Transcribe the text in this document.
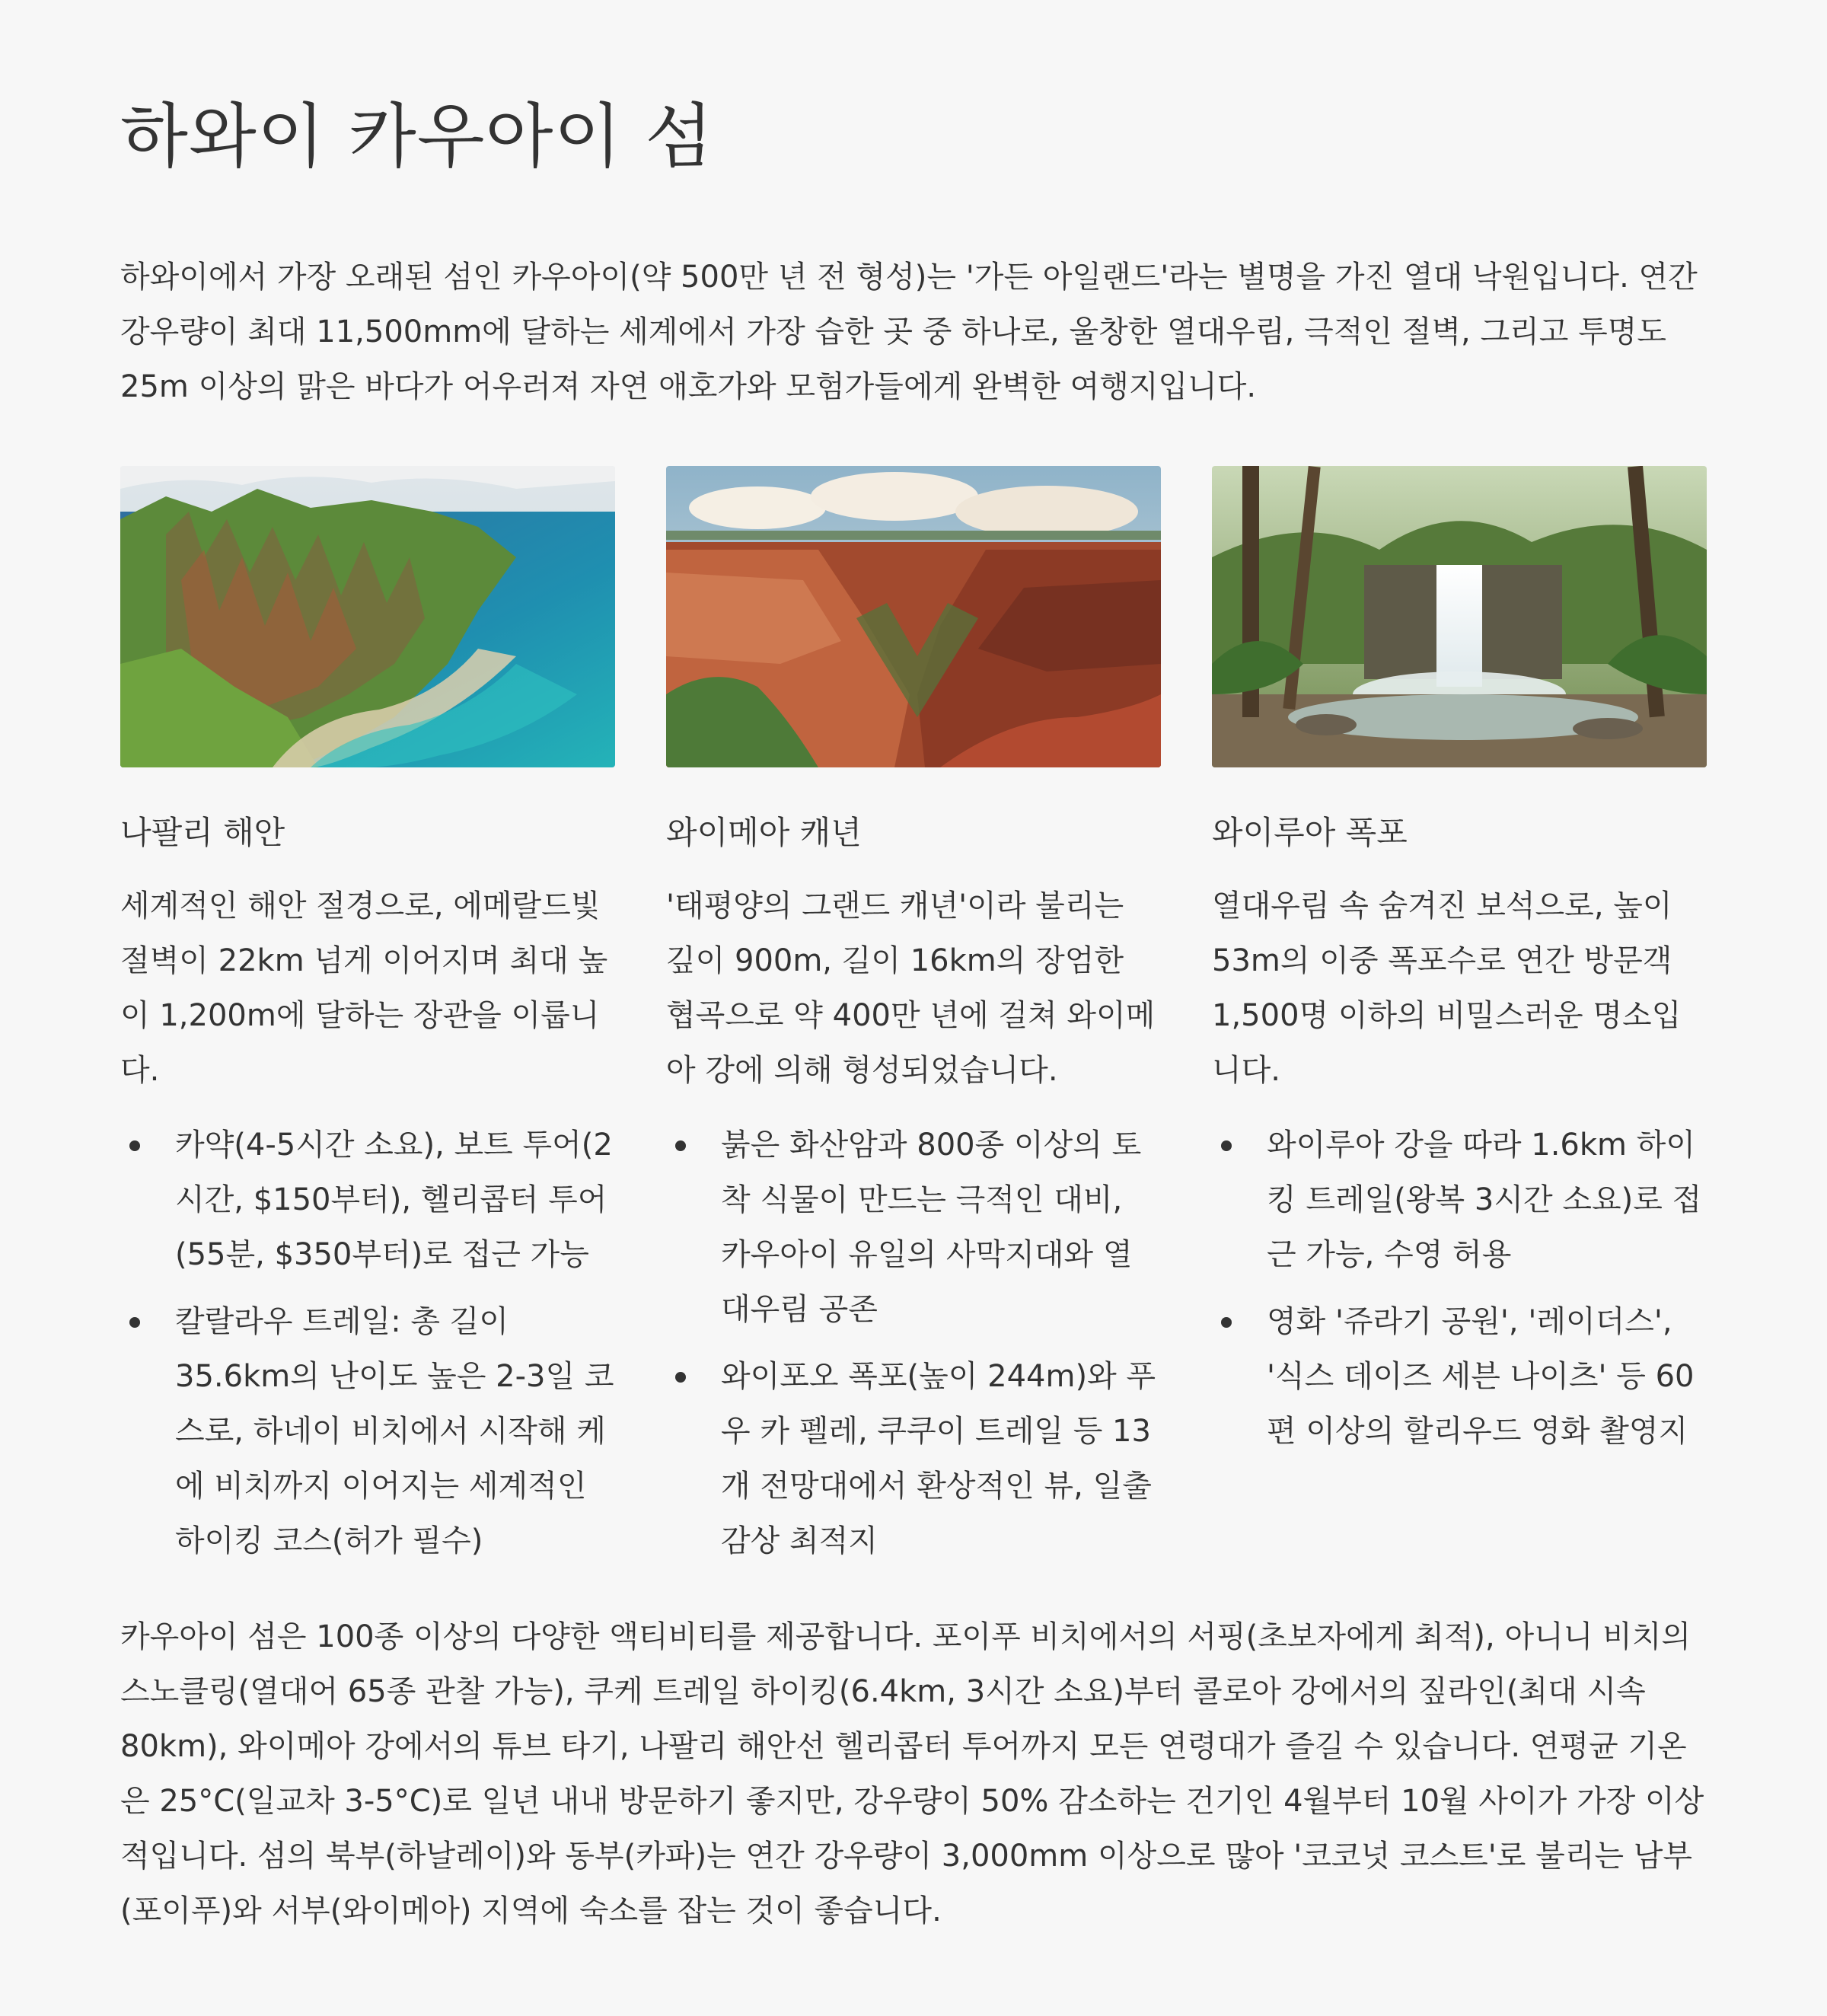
하와이 카우아이 섬

하와이에서 가장 오래된 섬인 카우아이(약 500만 년 전 형성)는 '가든 아일랜드'라는 별명을 가진 열대 낙원입니다. 연간 강우량이 최대 11,500mm에 달하는 세계에서 가장 습한 곳 중 하나로, 울창한 열대우림, 극적인 절벽, 그리고 투명도 25m 이상의 맑은 바다가 어우러져 자연 애호가와 모험가들에게 완벽한 여행지입니다.

나팔리 해안

세계적인 해안 절경으로, 에메랄드빛 절벽이 22km 넘게 이어지며 최대 높이 1,200m에 달하는 장관을 이룹니다.

카약(4-5시간 소요), 보트 투어(2시간, $150부터), 헬리콥터 투어(55분, $350부터)로 접근 가능
칼랄라우 트레일: 총 길이 35.6km의 난이도 높은 2-3일 코스로, 하네이 비치에서 시작해 케에 비치까지 이어지는 세계적인 하이킹 코스(허가 필수)
와이메아 캐년

'태평양의 그랜드 캐년'이라 불리는 깊이 900m, 길이 16km의 장엄한 협곡으로 약 400만 년에 걸쳐 와이메아 강에 의해 형성되었습니다.

붉은 화산암과 800종 이상의 토착 식물이 만드는 극적인 대비, 카우아이 유일의 사막지대와 열대우림 공존
와이포오 폭포(높이 244m)와 푸우 카 펠레, 쿠쿠이 트레일 등 13개 전망대에서 환상적인 뷰, 일출 감상 최적지
와이루아 폭포

열대우림 속 숨겨진 보석으로, 높이 53m의 이중 폭포수로 연간 방문객 1,500명 이하의 비밀스러운 명소입니다.

와이루아 강을 따라 1.6km 하이킹 트레일(왕복 3시간 소요)로 접근 가능, 수영 허용
영화 '쥬라기 공원', '레이더스', '식스 데이즈 세븐 나이츠' 등 60편 이상의 할리우드 영화 촬영지

카우아이 섬은 100종 이상의 다양한 액티비티를 제공합니다. 포이푸 비치에서의 서핑(초보자에게 최적), 아니니 비치의 스노클링(열대어 65종 관찰 가능), 쿠케 트레일 하이킹(6.4km, 3시간 소요)부터 콜로아 강에서의 짚라인(최대 시속 80km), 와이메아 강에서의 튜브 타기, 나팔리 해안선 헬리콥터 투어까지 모든 연령대가 즐길 수 있습니다. 연평균 기온은 25°C(일교차 3-5°C)로 일년 내내 방문하기 좋지만, 강우량이 50% 감소하는 건기인 4월부터 10월 사이가 가장 이상적입니다. 섬의 북부(하날레이)와 동부(카파)는 연간 강우량이 3,000mm 이상으로 많아 '코코넛 코스트'로 불리는 남부(포이푸)와 서부(와이메아) 지역에 숙소를 잡는 것이 좋습니다.
